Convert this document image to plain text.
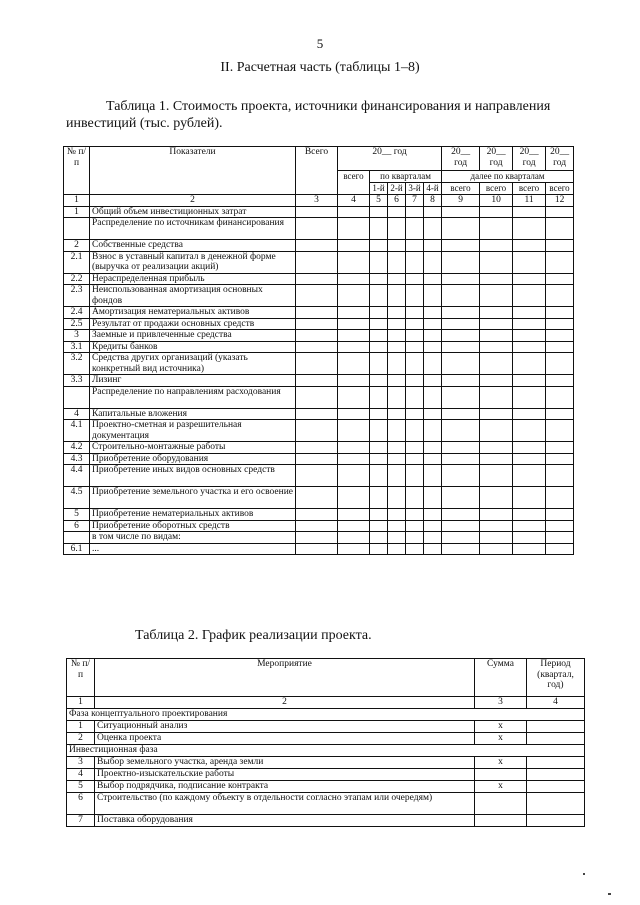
5
II. Расчетная часть (таблицы 1–8)
Таблица 1. Стоимость проекта, источники финансирования и направления инвестиций (тыс. рублей).
№ п/п	Показатели	Всего	20__ год					20__ год	20__ год	20__ год	20__ год
			всего	по кварталам				далее по кварталам			
				1-й	2-й	3-й	4-й	всего	всего	всего	всего
1	2	3	4	5	6	7	8	9	10	11	12
1	Общий объем инвестиционных затрат										
	Распределение по источникам финансирования										
2	Собственные средства										
2.1	Взнос в уставный капитал в денежной форме (выручка от реализации акций)										
2.2	Нераспределенная прибыль										
2.3	Неиспользованная амортизация основных фондов										
2.4	Амортизация нематериальных активов										
2.5	Результат от продажи основных средств										
3	Заемные и привлеченные средства										
3.1	Кредиты банков										
3.2	Средства других организаций (указать конкретный вид источника)										
3.3	Лизинг										
	Распределение по направлениям расходования										
4	Капитальные вложения										
4.1	Проектно-сметная и разрешительная документация										
4.2	Строительно-монтажные работы										
4.3	Приобретение оборудования										
4.4	Приобретение иных видов основных средств										
4.5	Приобретение земельного участка и его освоение										
5	Приобретение нематериальных активов										
6	Приобретение оборотных средств										
	в том числе по видам:										
6.1	...										
Таблица 2. График реализации проекта.
№ п/п	Мероприятие	Сумма	Период (квартал, год)
1	2	3	4
Фаза концептуального проектирования			
1	Ситуационный анализ	x	
2	Оценка проекта	x	
Инвестиционная фаза			
3	Выбор земельного участка, аренда земли	x	
4	Проектно-изыскательские работы		
5	Выбор подрядчика, подписание контракта	x	
6	Строительство (по каждому объекту в отдельности согласно этапам или очередям)		
7	Поставка оборудования		
